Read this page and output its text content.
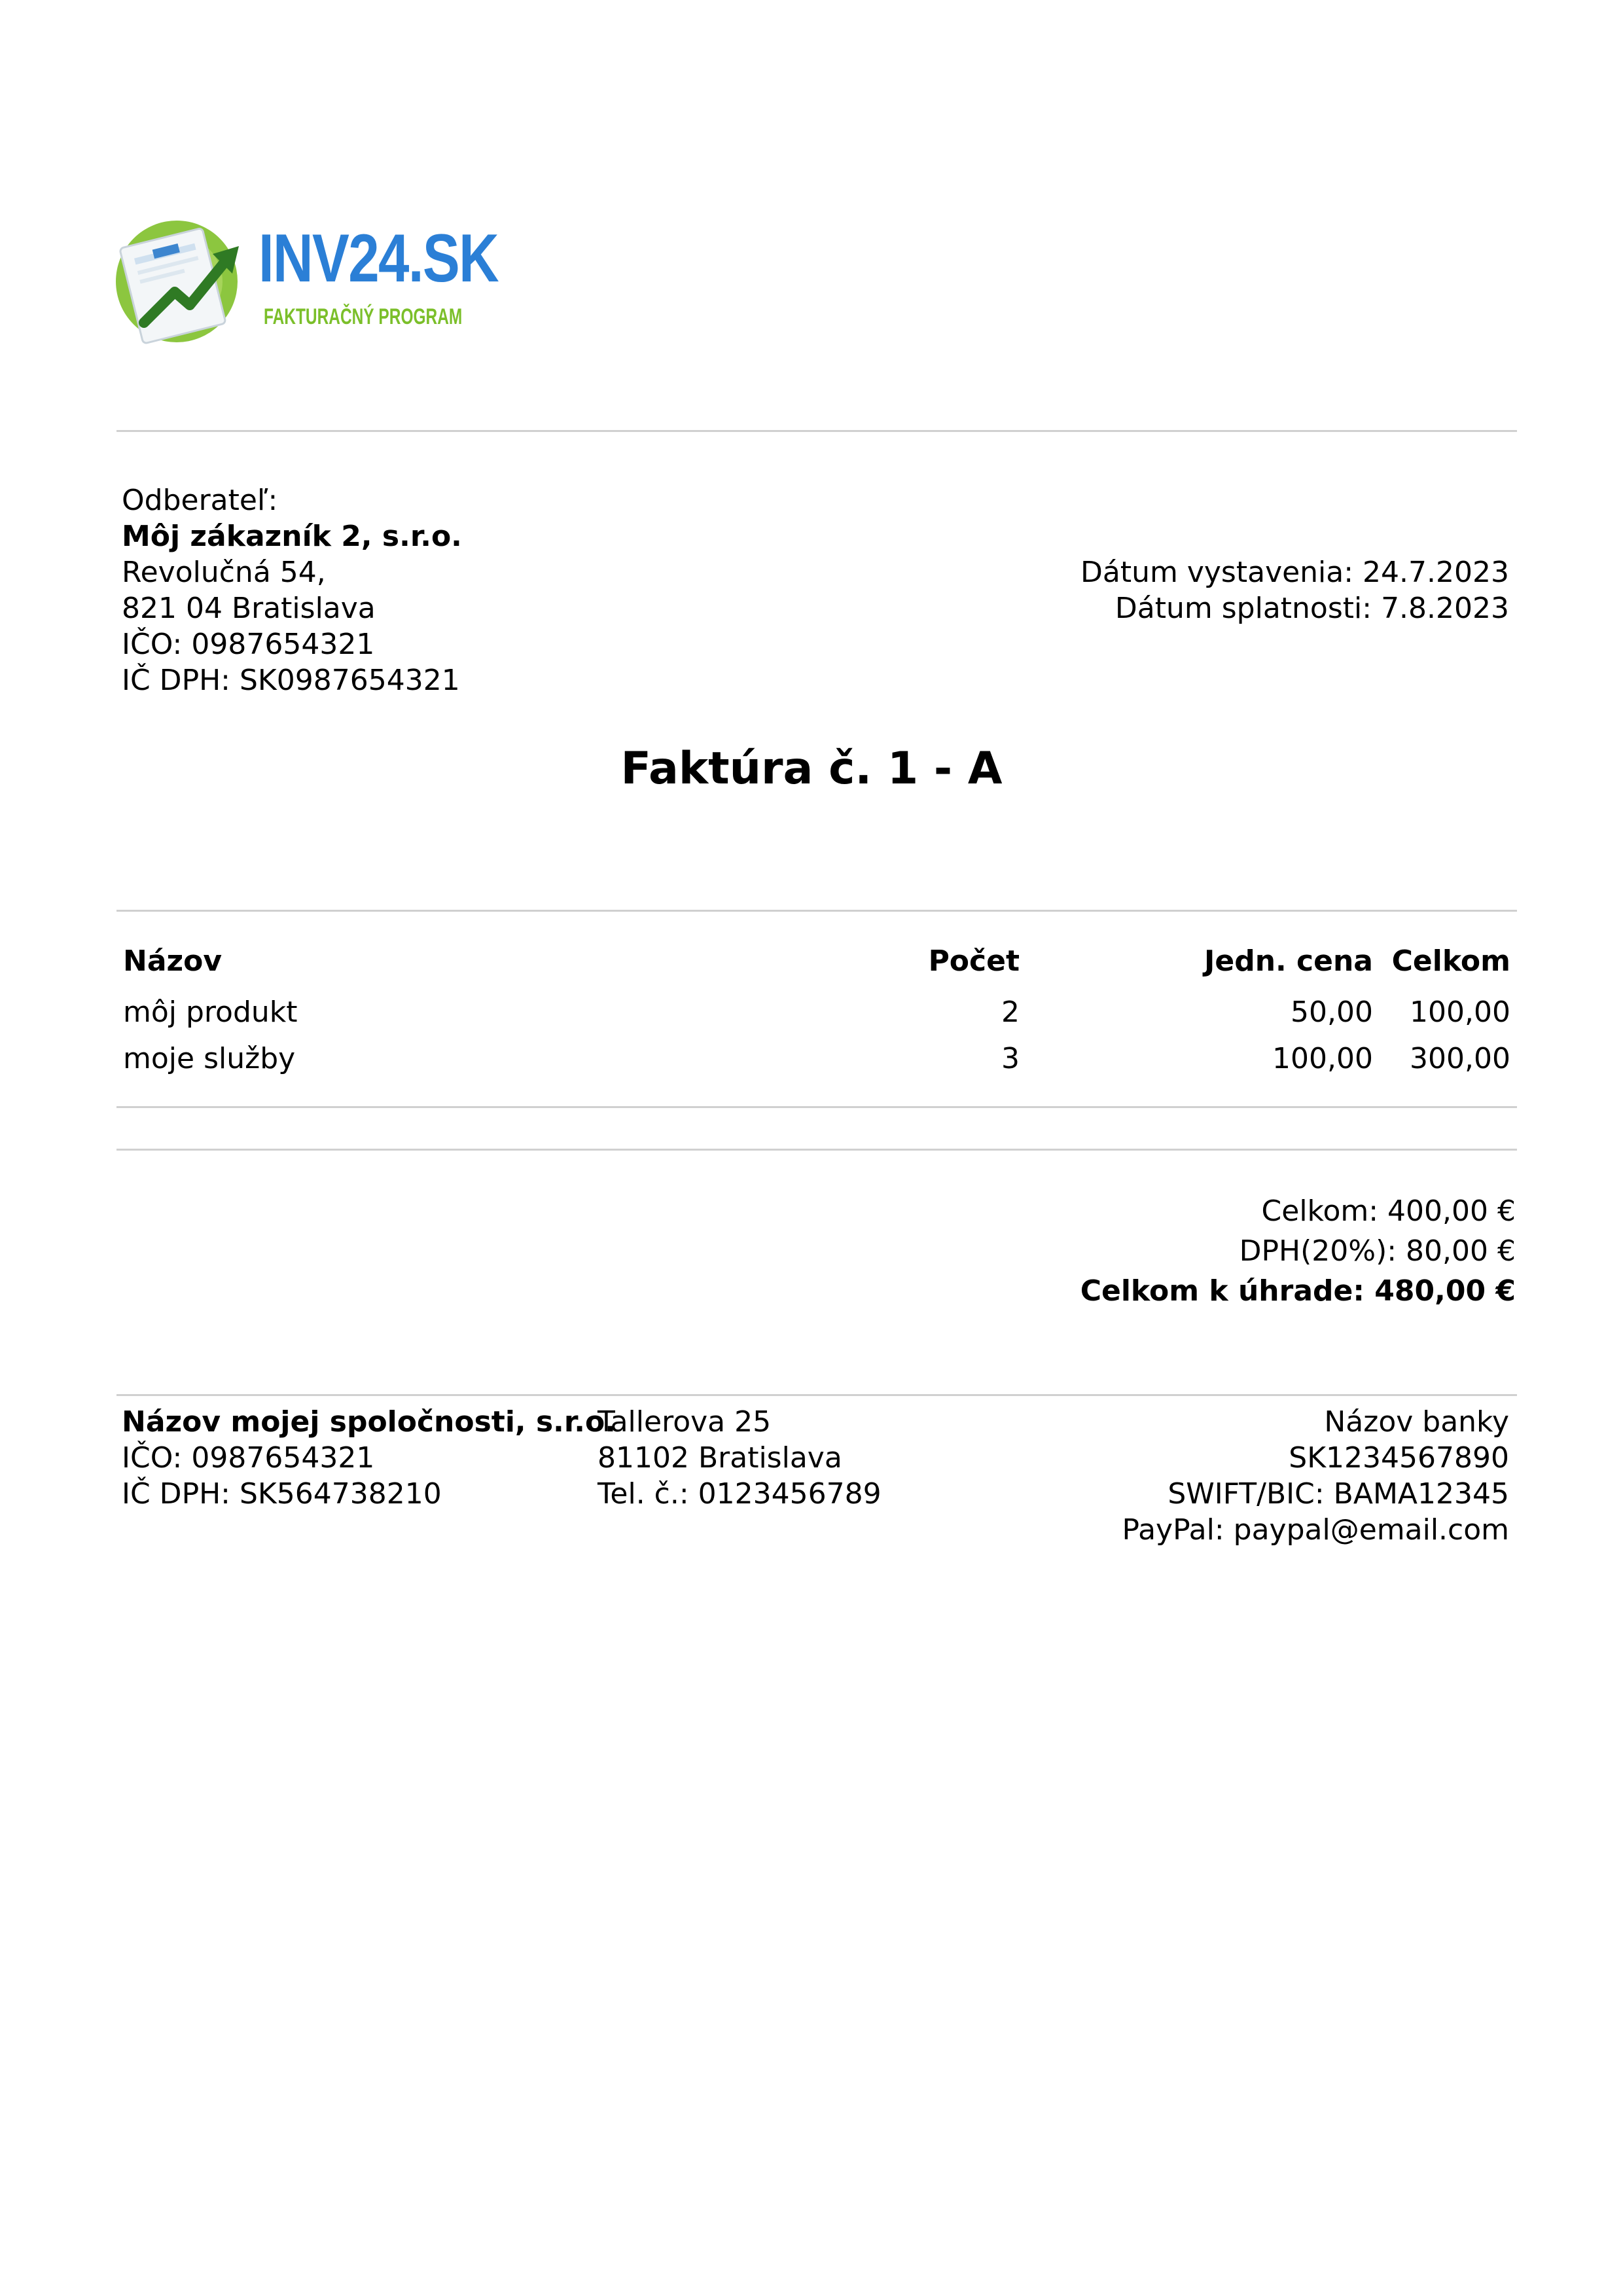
INV24.SK
FAKTURAČNÝ PROGRAM
Odberateľ:
Môj zákazník 2, s.r.o.
Revolučná 54,
821 04 Bratislava
IČO: 0987654321
IČ DPH: SK0987654321
Dátum vystavenia: 24.7.2023
Dátum splatnosti: 7.8.2023
Faktúra č. 1 - A
Názov	Počet	Jedn. cena	Celkom
môj produkt	2	50,00	100,00
moje služby	3	100,00	300,00
Celkom: 400,00 €
DPH(20%): 80,00 €
Celkom k úhrade: 480,00 €
Názov mojej spoločnosti, s.r.o.
IČO: 0987654321
IČ DPH: SK564738210
Tallerova 25
81102 Bratislava
Tel. č.: 0123456789
Názov banky
SK1234567890
SWIFT/BIC: BAMA12345
PayPal: paypal@email.com
